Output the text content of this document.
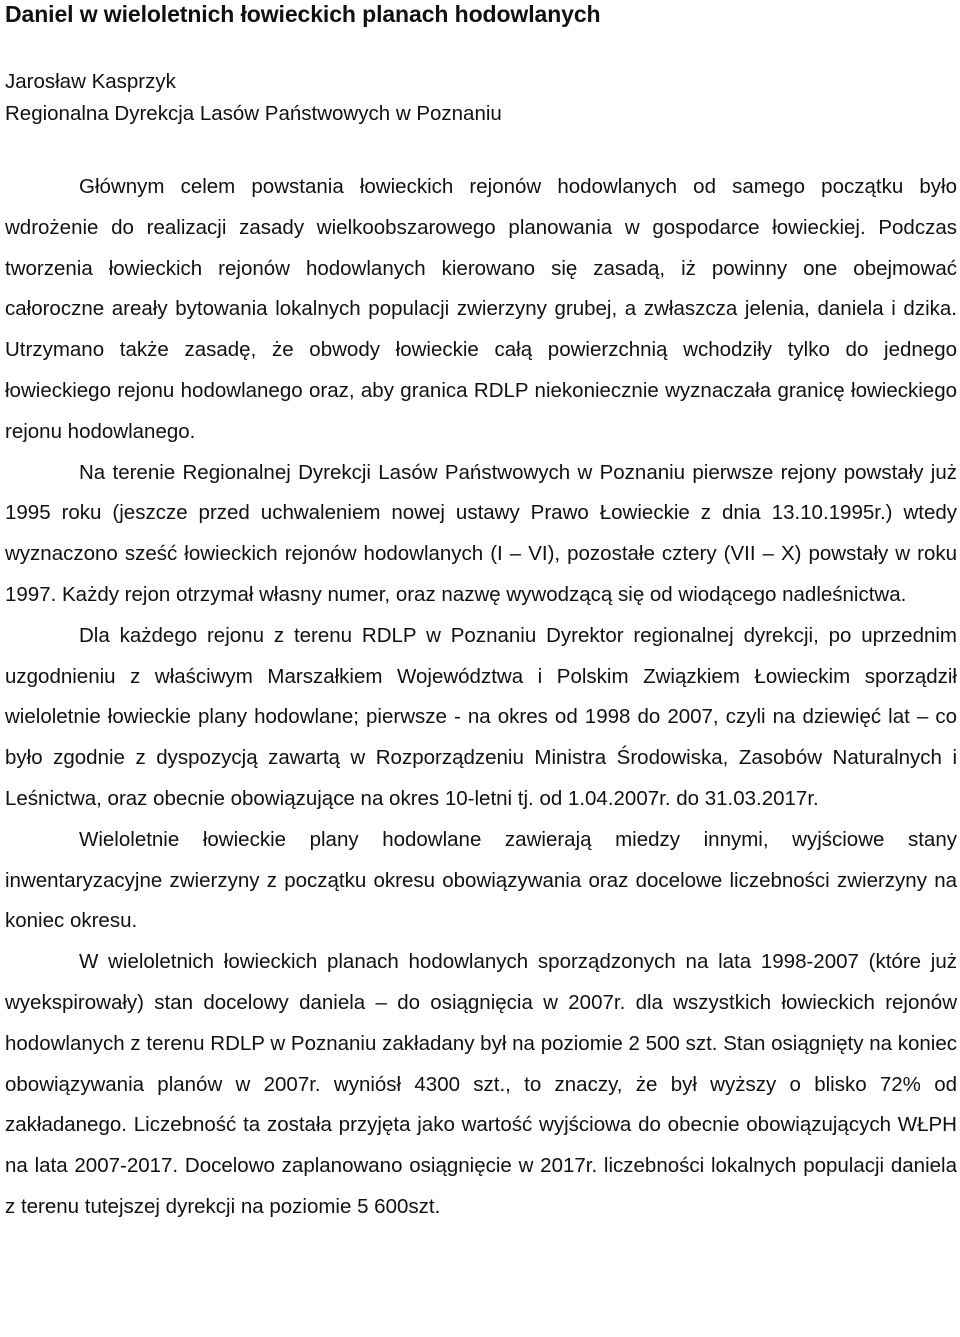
Daniel w wieloletnich łowieckich planach hodowlanych
Jarosław Kasprzyk
Regionalna Dyrekcja Lasów Państwowych w Poznaniu

Głównym celem powstania łowieckich rejonów hodowlanych od samego początku było wdrożenie do realizacji zasady wielkoobszarowego planowania w gospodarce łowieckiej. Podczas tworzenia łowieckich rejonów hodowlanych kierowano się zasadą, iż powinny one obejmować całoroczne areały bytowania lokalnych populacji zwierzyny grubej, a zwłaszcza jelenia, daniela i dzika. Utrzymano także zasadę, że obwody łowieckie całą powierzchnią wchodziły tylko do jednego łowieckiego rejonu hodowlanego oraz, aby granica RDLP niekoniecznie wyznaczała granicę łowieckiego rejonu hodowlanego.

Na terenie Regionalnej Dyrekcji Lasów Państwowych w Poznaniu pierwsze rejony powstały już 1995 roku (jeszcze przed uchwaleniem nowej ustawy Prawo Łowieckie z dnia 13.10.1995r.) wtedy wyznaczono sześć łowieckich rejonów hodowlanych (I – VI), pozostałe cztery (VII – X) powstały w roku 1997. Każdy rejon otrzymał własny numer, oraz nazwę wywodzącą się od wiodącego nadleśnictwa.

Dla każdego rejonu z terenu RDLP w Poznaniu Dyrektor regionalnej dyrekcji, po uprzednim uzgodnieniu z właściwym Marszałkiem Województwa i Polskim Związkiem Łowieckim sporządził wieloletnie łowieckie plany hodowlane; pierwsze - na okres od 1998 do 2007, czyli na dziewięć lat – co było zgodnie z dyspozycją zawartą w Rozporządzeniu Ministra Środowiska, Zasobów Naturalnych i Leśnictwa, oraz obecnie obowiązujące na okres 10-letni tj. od 1.04.2007r. do 31.03.2017r.

Wieloletnie łowieckie plany hodowlane zawierają miedzy innymi, wyjściowe stany inwentaryzacyjne zwierzyny z początku okresu obowiązywania oraz docelowe liczebności zwierzyny na koniec okresu.

W wieloletnich łowieckich planach hodowlanych sporządzonych na lata 1998-2007 (które już wyekspirowały) stan docelowy daniela – do osiągnięcia w 2007r. dla wszystkich łowieckich rejonów hodowlanych z terenu RDLP w Poznaniu zakładany był na poziomie 2 500 szt. Stan osiągnięty na koniec obowiązywania planów w 2007r. wyniósł 4300 szt., to znaczy, że był wyższy o blisko 72% od zakładanego. Liczebność ta została przyjęta jako wartość wyjściowa do obecnie obowiązujących WŁPH na lata 2007-2017. Docelowo zaplanowano osiągnięcie w 2017r. liczebności lokalnych populacji daniela z terenu tutejszej dyrekcji na poziomie 5 600szt.
